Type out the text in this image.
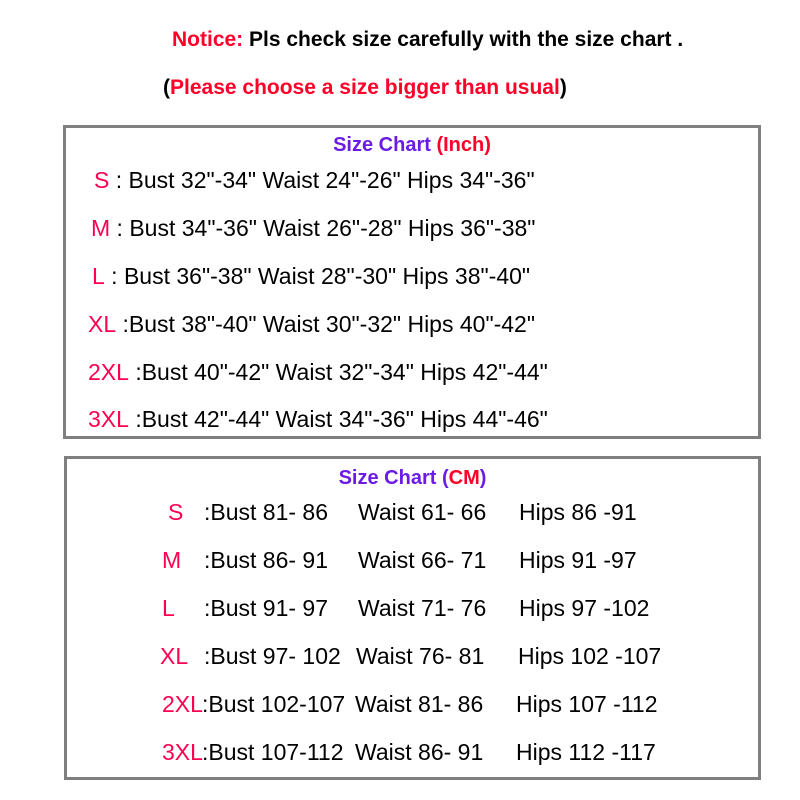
Notice: Pls check size carefully with the size chart .
(Please choose a size bigger than usual)
Size Chart (Inch)
S : Bust 32"-34" Waist 24"-26" Hips 34"-36"
M : Bust 34"-36" Waist 26"-28" Hips 36"-38"
L : Bust 36"-38" Waist 28"-30" Hips 38"-40"
XL :Bust 38"-40" Waist 30"-32" Hips 40"-42"
2XL :Bust 40"-42" Waist 32"-34" Hips 42"-44"
3XL :Bust 42"-44" Waist 34"-36" Hips 44"-46"
Size Chart (CM)
S :Bust 81- 86 Waist 61- 66 Hips 86 -91
M :Bust 86- 91 Waist 66- 71 Hips 91 -97
L :Bust 91- 97 Waist 71- 76 Hips 97 -102
XL :Bust 97- 102 Waist 76- 81 Hips 102 -107
2XL :Bust 102-107 Waist 81- 86 Hips 107 -112
3XL :Bust 107-112 Waist 86- 91 Hips 112 -117
